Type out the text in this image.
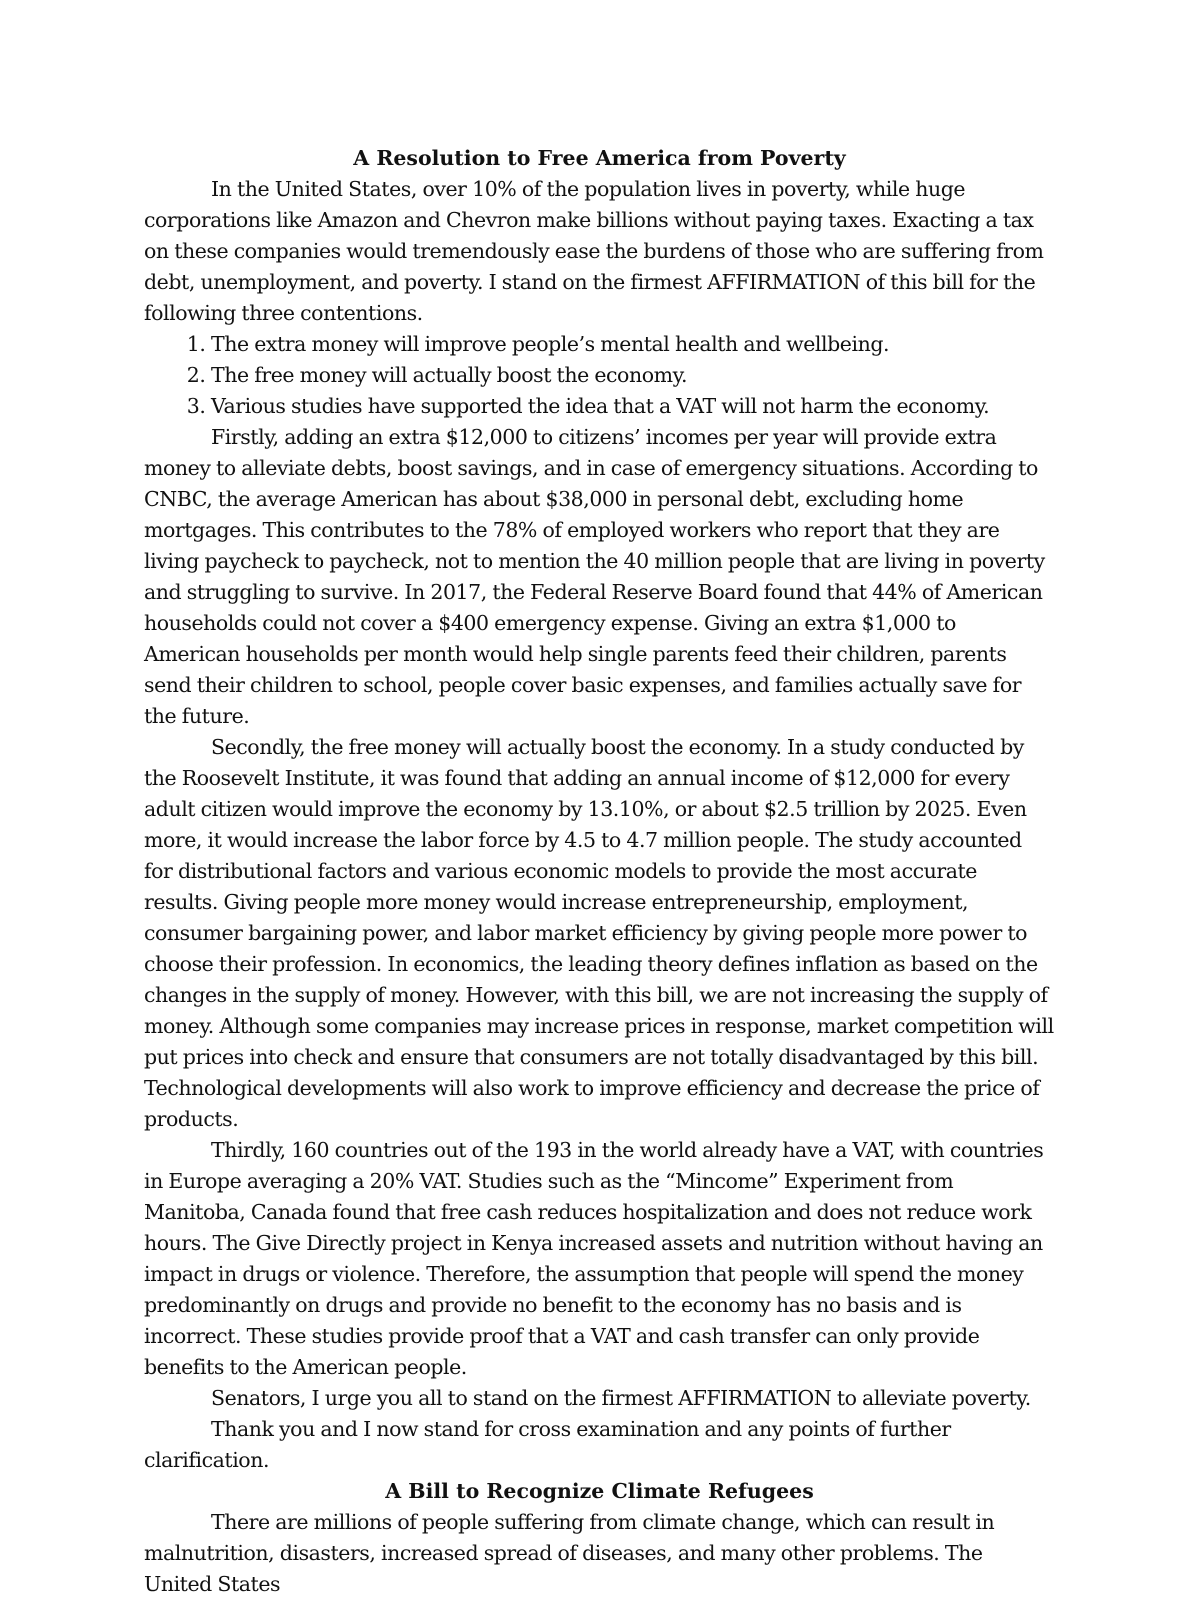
A Resolution to Free America from Poverty

In the United States, over 10% of the population lives in poverty, while huge corporations like Amazon and Chevron make billions without paying taxes. Exacting a tax on these companies would tremendously ease the burdens of those who are suffering from debt, unemployment, and poverty. I stand on the firmest AFFIRMATION of this bill for the following three contentions.

1. The extra money will improve people’s mental health and wellbeing.
2. The free money will actually boost the economy.
3. Various studies have supported the idea that a VAT will not harm the economy.

Firstly, adding an extra $12,000 to citizens’ incomes per year will provide extra money to alleviate debts, boost savings, and in case of emergency situations. According to CNBC, the average American has about $38,000 in personal debt, excluding home mortgages. This contributes to the 78% of employed workers who report that they are living paycheck to paycheck, not to mention the 40 million people that are living in poverty and struggling to survive. In 2017, the Federal Reserve Board found that 44% of American households could not cover a $400 emergency expense. Giving an extra $1,000 to American households per month would help single parents feed their children, parents send their children to school, people cover basic expenses, and families actually save for the future.

Secondly, the free money will actually boost the economy. In a study conducted by the Roosevelt Institute, it was found that adding an annual income of $12,000 for every adult citizen would improve the economy by 13.10%, or about $2.5 trillion by 2025. Even more, it would increase the labor force by 4.5 to 4.7 million people. The study accounted for distributional factors and various economic models to provide the most accurate results. Giving people more money would increase entrepreneurship, employment, consumer bargaining power, and labor market efficiency by giving people more power to choose their profession. In economics, the leading theory defines inflation as based on the changes in the supply of money. However, with this bill, we are not increasing the supply of money. Although some companies may increase prices in response, market competition will put prices into check and ensure that consumers are not totally disadvantaged by this bill. Technological developments will also work to improve efficiency and decrease the price of products.

Thirdly, 160 countries out of the 193 in the world already have a VAT, with countries in Europe averaging a 20% VAT. Studies such as the “Mincome” Experiment from Manitoba, Canada found that free cash reduces hospitalization and does not reduce work hours. The Give Directly project in Kenya increased assets and nutrition without having an impact in drugs or violence. Therefore, the assumption that people will spend the money predominantly on drugs and provide no benefit to the economy has no basis and is incorrect. These studies provide proof that a VAT and cash transfer can only provide benefits to the American people.

Senators, I urge you all to stand on the firmest AFFIRMATION to alleviate poverty.

Thank you and I now stand for cross examination and any points of further clarification.

A Bill to Recognize Climate Refugees

There are millions of people suffering from climate change, which can result in malnutrition, disasters, increased spread of diseases, and many other problems. The United States
